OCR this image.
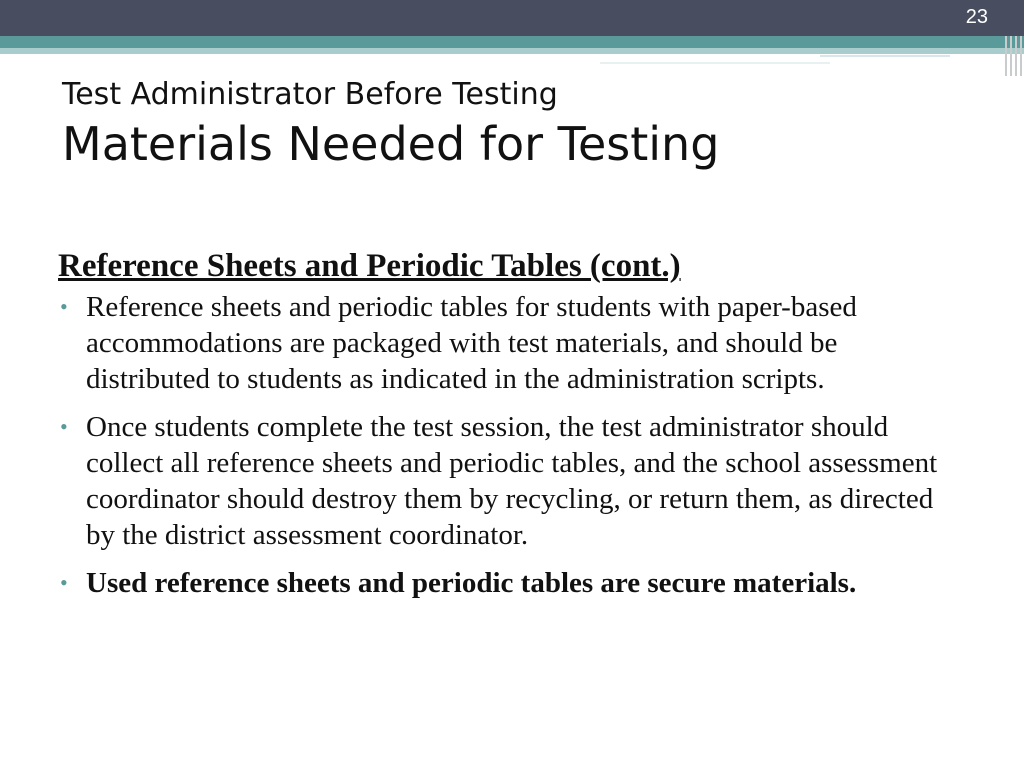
23
Test Administrator Before Testing
Materials Needed for Testing
Reference Sheets and Periodic Tables (cont.)
• Reference sheets and periodic tables for students with paper-based accommodations are packaged with test materials, and should be distributed to students as indicated in the administration scripts.
• Once students complete the test session, the test administrator should collect all reference sheets and periodic tables, and the school assessment coordinator should destroy them by recycling, or return them, as directed by the district assessment coordinator.
• Used reference sheets and periodic tables are secure materials.
